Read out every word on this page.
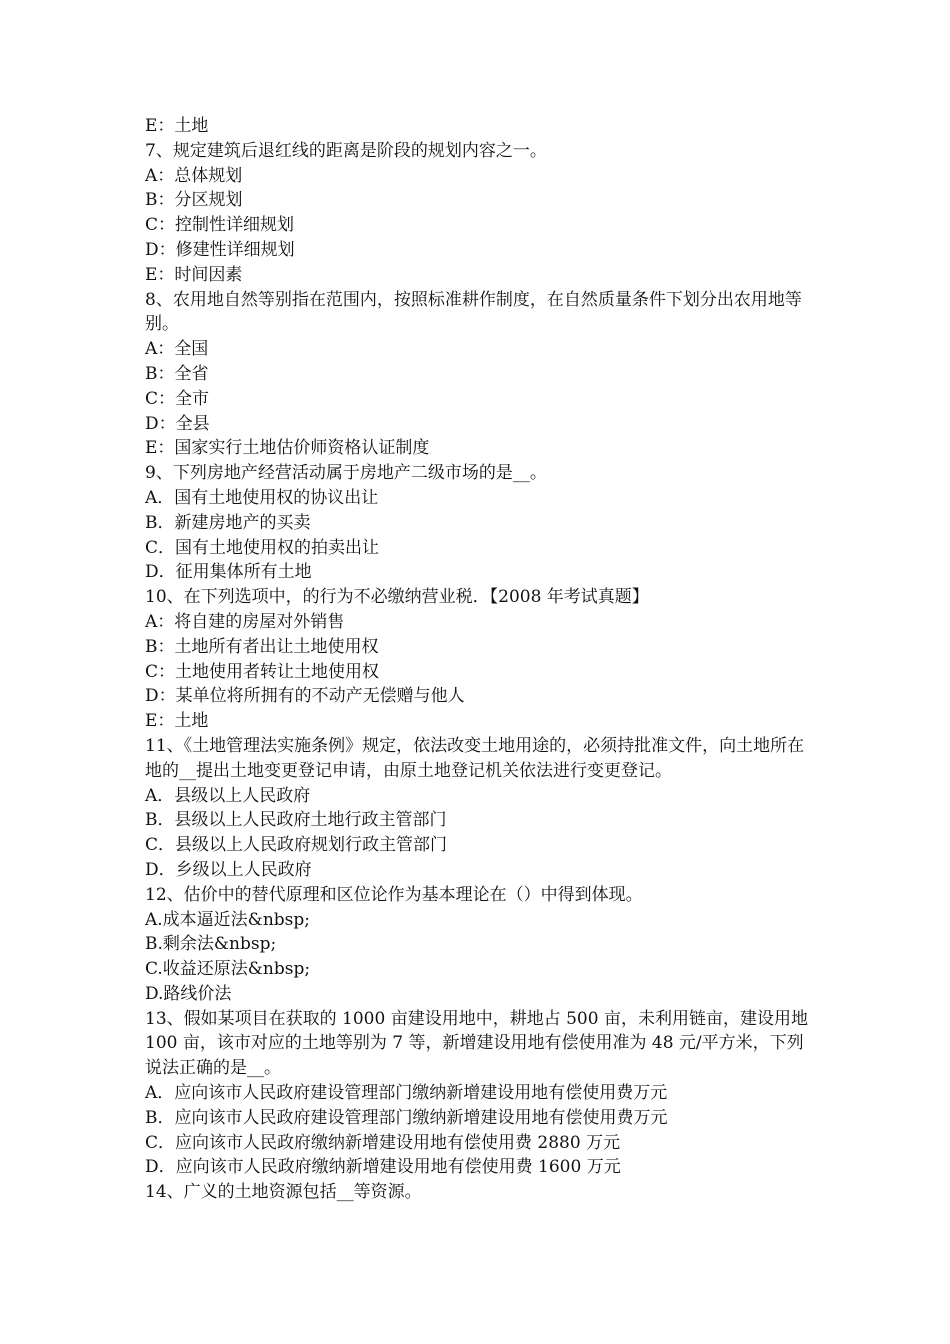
E：土地
7、规定建筑后退红线的距离是阶段的规划内容之一。
A：总体规划
B：分区规划
C：控制性详细规划
D：修建性详细规划
E：时间因素
8、农用地自然等别指在范围内，按照标准耕作制度，在自然质量条件下划分出农用地等别。
A：全国
B：全省
C：全市
D：全县
E：国家实行土地估价师资格认证制度
9、下列房地产经营活动属于房地产二级市场的是__。
A．国有土地使用权的协议出让
B．新建房地产的买卖
C．国有土地使用权的拍卖出让
D．征用集体所有土地
10、在下列选项中，的行为不必缴纳营业税．【2008 年考试真题】
A：将自建的房屋对外销售
B：土地所有者出让土地使用权
C：土地使用者转让土地使用权
D：某单位将所拥有的不动产无偿赠与他人
E：土地
11、《土地管理法实施条例》规定，依法改变土地用途的，必须持批准文件，向土地所在地的__提出土地变更登记申请，由原土地登记机关依法进行变更登记。
A．县级以上人民政府
B．县级以上人民政府土地行政主管部门
C．县级以上人民政府规划行政主管部门
D．乡级以上人民政府
12、估价中的替代原理和区位论作为基本理论在（）中得到体现。
A.成本逼近法&nbsp;
B.剩余法&nbsp;
C.收益还原法&nbsp;
D.路线价法
13、假如某项目在获取的 1000 亩建设用地中，耕地占 500 亩，未利用链亩，建设用地 100 亩，该市对应的土地等别为 7 等，新增建设用地有偿使用准为 48 元/平方米，下列说法正确的是__。
A．应向该市人民政府建设管理部门缴纳新增建设用地有偿使用费万元
B．应向该市人民政府建设管理部门缴纳新增建设用地有偿使用费万元
C．应向该市人民政府缴纳新增建设用地有偿使用费 2880 万元
D．应向该市人民政府缴纳新增建设用地有偿使用费 1600 万元
14、广义的土地资源包括__等资源。
